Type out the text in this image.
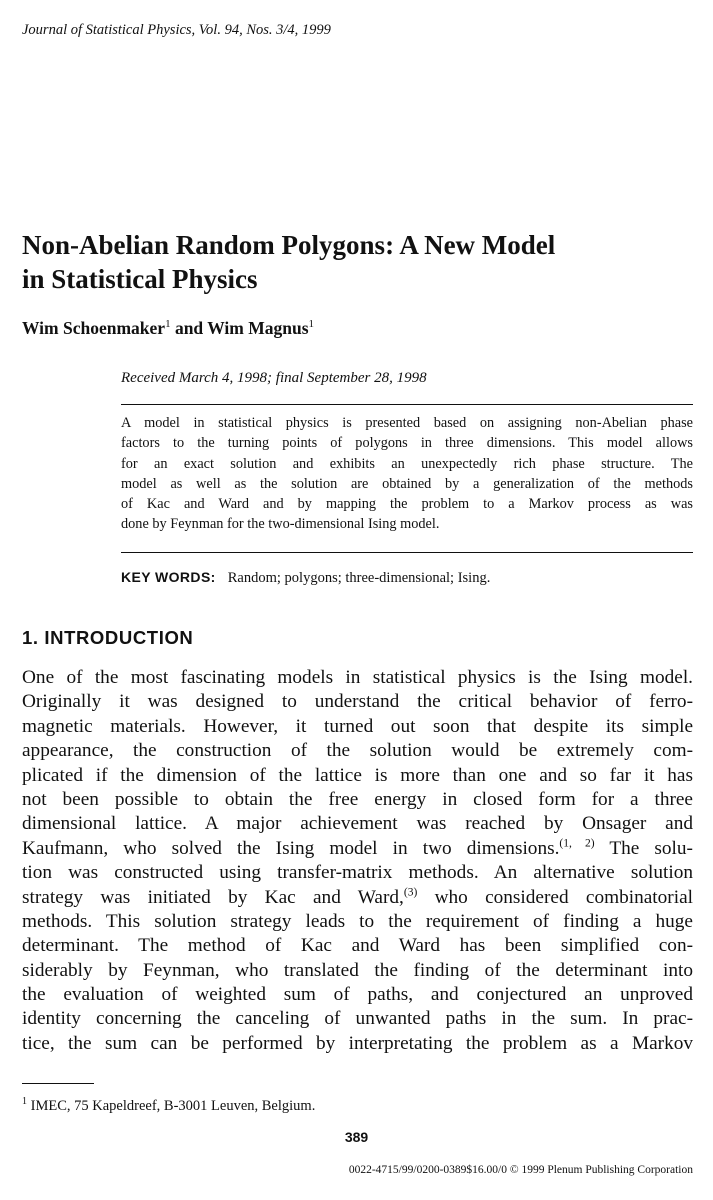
Journal of Statistical Physics, Vol. 94, Nos. 3/4, 1999
Non-Abelian Random Polygons: A New Model
in Statistical Physics
Wim Schoenmaker$^1$ and Wim Magnus$^1$
Received March 4, 1998; final September 28, 1998
A model in statistical physics is presented based on assigning non-Abelian phase
factors to the turning points of polygons in three dimensions. This model allows
for an exact solution and exhibits an unexpectedly rich phase structure. The
model as well as the solution are obtained by a generalization of the methods
of Kac and Ward and by mapping the problem to a Markov process as was
done by Feynman for the two-dimensional Ising model.
KEY WORDS: Random; polygons; three-dimensional; Ising.
1. INTRODUCTION
One of the most fascinating models in statistical physics is the Ising model.
Originally it was designed to understand the critical behavior of ferro-
magnetic materials. However, it turned out soon that despite its simple
appearance, the construction of the solution would be extremely com-
plicated if the dimension of the lattice is more than one and so far it has
not been possible to obtain the free energy in closed form for a three
dimensional lattice. A major achievement was reached by Onsager and
Kaufmann, who solved the Ising model in two dimensions.$^{(1, 2)}$ The solu-
tion was constructed using transfer-matrix methods. An alternative solution
strategy was initiated by Kac and Ward,$^{(3)}$ who considered combinatorial
methods. This solution strategy leads to the requirement of finding a huge
determinant. The method of Kac and Ward has been simplified con-
siderably by Feynman, who translated the finding of the determinant into
the evaluation of weighted sum of paths, and conjectured an unproved
identity concerning the canceling of unwanted paths in the sum. In prac-
tice, the sum can be performed by interpretating the problem as a Markov
$^1$ IMEC, 75 Kapeldreef, B-3001 Leuven, Belgium.
389
0022-4715/99/0200-0389$16.00/0 © 1999 Plenum Publishing Corporation
